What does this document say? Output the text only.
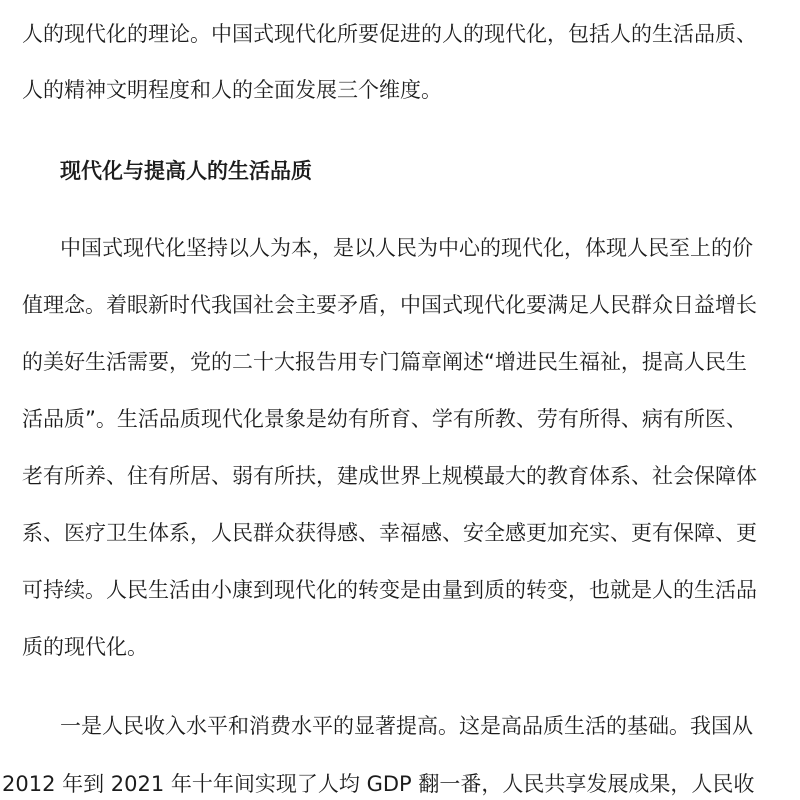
人的现代化的理论。中国式现代化所要促进的人的现代化，包括人的生活品质、
人的精神文明程度和人的全面发展三个维度。
现代化与提高人的生活品质
中国式现代化坚持以人为本，是以人民为中心的现代化，体现人民至上的价
值理念。着眼新时代我国社会主要矛盾，中国式现代化要满足人民群众日益增长
的美好生活需要，党的二十大报告用专门篇章阐述“增进民生福祉，提高人民生
活品质”。生活品质现代化景象是幼有所育、学有所教、劳有所得、病有所医、
老有所养、住有所居、弱有所扶，建成世界上规模最大的教育体系、社会保障体
系、医疗卫生体系，人民群众获得感、幸福感、安全感更加充实、更有保障、更
可持续。人民生活由小康到现代化的转变是由量到质的转变，也就是人的生活品
质的现代化。
一是人民收入水平和消费水平的显著提高。这是高品质生活的基础。我国从
2012 年到 2021 年十年间实现了人均 GDP 翻一番，人民共享发展成果，人民收
